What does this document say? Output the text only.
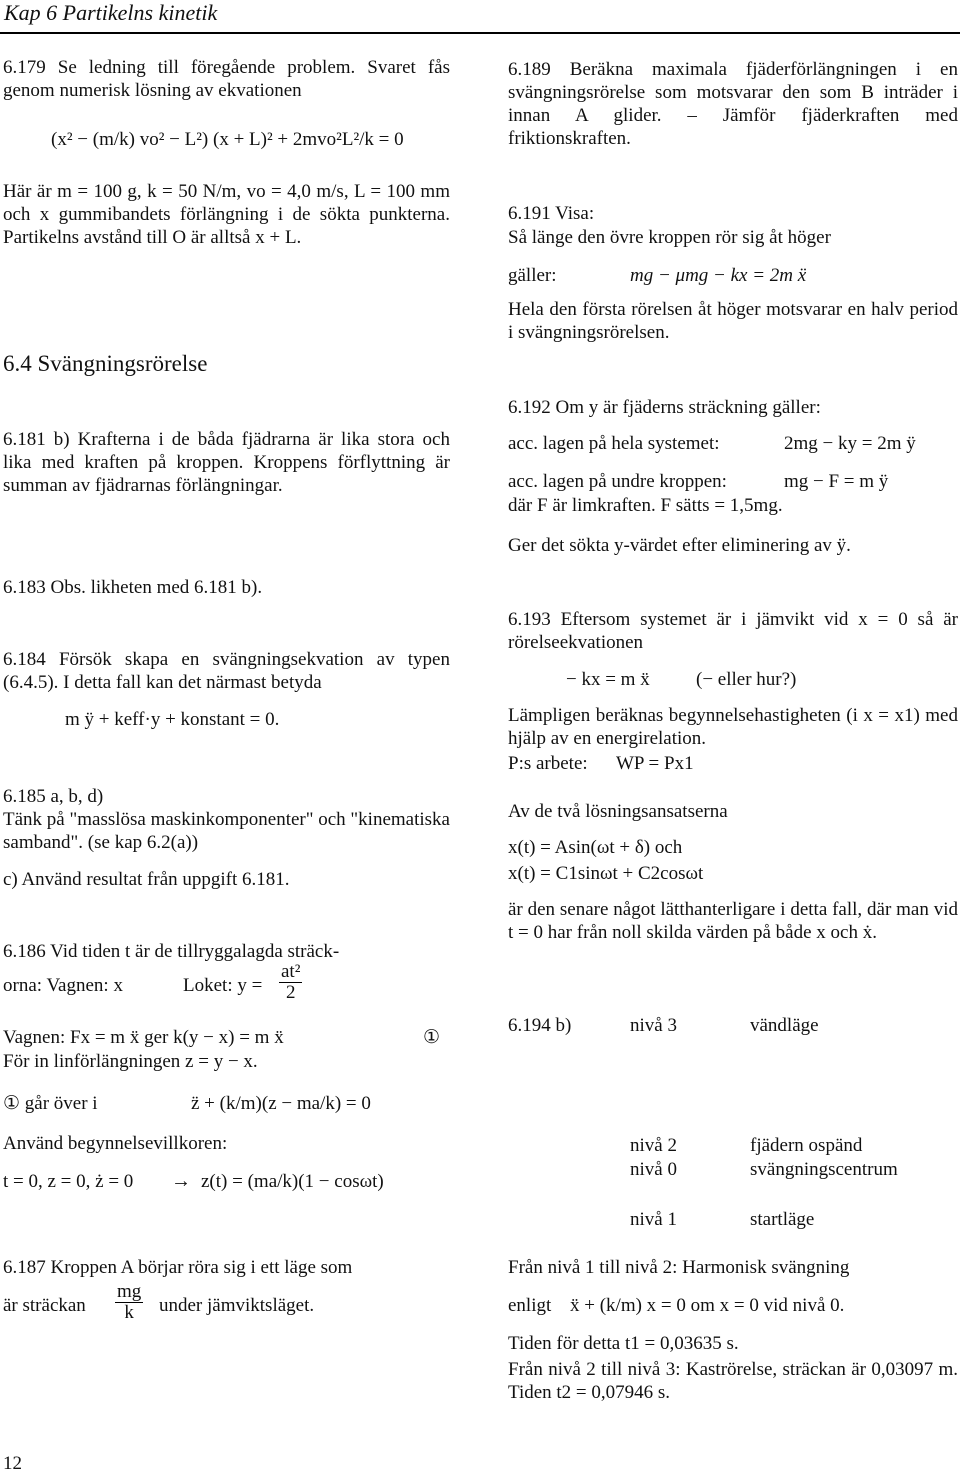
Kap 6 Partikelns kinetik
6.179 Se ledning till föregående problem. Svaret fås genom numerisk lösning av ekvationen
(x² − (m/k) vo² − L²) (x + L)² + 2mvo²L²/k = 0
Här är m = 100 g, k = 50 N/m, vo = 4,0 m/s, L = 100 mm och x gummibandets förlängning i de sökta punkterna. Partikelns avstånd till O är alltså x + L.
6.4 Svängningsrörelse
6.181 b) Krafterna i de båda fjädrarna är lika stora och lika med kraften på kroppen. Kroppens förflyttning är summan av fjädrarnas förlängningar.
6.183 Obs. likheten med 6.181 b).
6.184 Försök skapa en svängningsekvation av typen (6.4.5). I detta fall kan det närmast betyda
m ÿ + keff·y + konstant = 0.
6.185 a, b, d)
Tänk på "masslösa maskinkomponenter" och "kinematiska samband". (se kap 6.2(a))
c) Använd resultat från uppgift 6.181.
6.186 Vid tiden t är de tillryggalagda sträck-
orna: Vagnen: x	Loket: $y = \frac{\text{at²}}{2}$
Vagnen: Fx = m ẍ ger k(y − x) = m ẍ	①
För in linförlängningen z = y − x.
① går över i	z̈ + (k/m)(z − ma/k) = 0
Använd begynnelsevillkoren:
t = 0, z = 0, ż = 0 → z(t) = (ma/k)(1 − cosωt)
6.187 Kroppen A börjar röra sig i ett läge som
är sträckan $\frac{mg}{k}$ under jämviktsläget.
6.189 Beräkna maximala fjäderförlängningen i en svängningsrörelse som motsvarar den som B inträder i innan A glider. – Jämför fjäderkraften med friktionskraften.
6.191 Visa:
Så länge den övre kroppen rör sig åt höger
gäller:	mg − μmg − kx = 2m ẍ
Hela den första rörelsen åt höger motsvarar en halv period i svängningsrörelsen.
6.192 Om y är fjäderns sträckning gäller:
acc. lagen på hela systemet:	2mg − ky = 2m ÿ
acc. lagen på undre kroppen:	mg − F = m ÿ
där F är limkraften. F sätts = 1,5mg.
Ger det sökta y-värdet efter eliminering av ÿ.
6.193 Eftersom systemet är i jämvikt vid x = 0 så är rörelseekvationen
− kx = m ẍ (− eller hur?)
Lämpligen beräknas begynnelsehastigheten (i x = x1) med hjälp av en energirelation.
P:s arbete: WP = Px1
Av de två lösningsansatserna
x(t) = Asin(ωt + δ) och
x(t) = C1sinωt + C2cosωt
är den senare något lätthanterligare i detta fall, där man vid t = 0 har från noll skilda värden på både x och ẋ.
6.194 b)	nivå 3	vändläge
nivå 2	fjädern ospänd
nivå 0	svängningscentrum
nivå 1	startläge
Från nivå 1 till nivå 2: Harmonisk svängning
enligt ẍ + (k/m) x = 0 om x = 0 vid nivå 0.
Tiden för detta t1 = 0,03635 s.
Från nivå 2 till nivå 3: Kaströrelse, sträckan är 0,03097 m. Tiden t2 = 0,07946 s.
12
